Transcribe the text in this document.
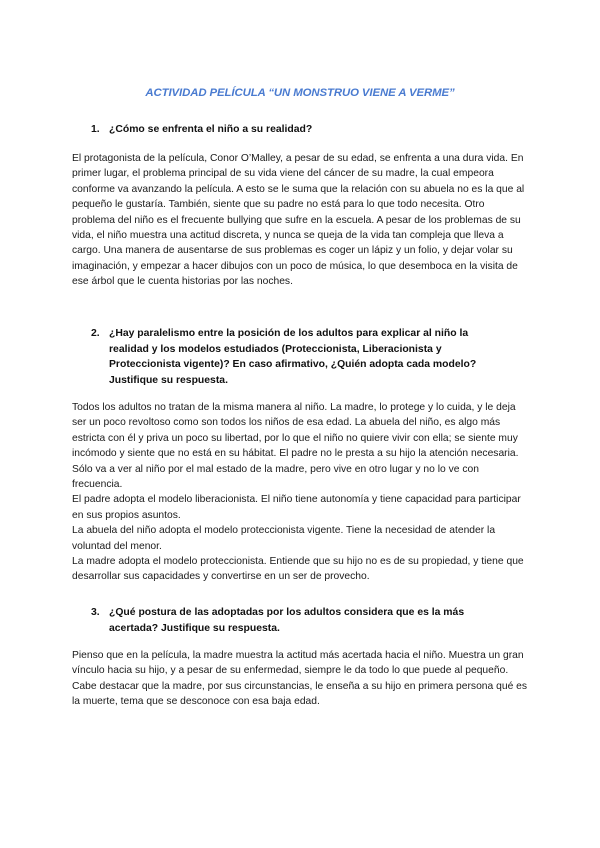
ACTIVIDAD PELÍCULA “UN MONSTRUO VIENE A VERME”
1. ¿Cómo se enfrenta el niño a su realidad?

El protagonista de la película, Conor O’Malley, a pesar de su edad, se enfrenta a una dura vida. En primer lugar, el problema principal de su vida viene del cáncer de su madre, la cual empeora conforme va avanzando la película. A esto se le suma que la relación con su abuela no es la que al pequeño le gustaría. También, siente que su padre no está para lo que todo necesita. Otro problema del niño es el frecuente bullying que sufre en la escuela. A pesar de los problemas de su vida, el niño muestra una actitud discreta, y nunca se queja de la vida tan compleja que lleva a cargo. Una manera de ausentarse de sus problemas es coger un lápiz y un folio, y dejar volar su imaginación, y empezar a hacer dibujos con un poco de música, lo que desemboca en la visita de ese árbol que le cuenta historias por las noches.

2. ¿Hay paralelismo entre la posición de los adultos para explicar al niño la realidad y los modelos estudiados (Proteccionista, Liberacionista y Proteccionista vigente)? En caso afirmativo, ¿Quién adopta cada modelo? Justifique su respuesta.

Todos los adultos no tratan de la misma manera al niño. La madre, lo protege y lo cuida, y le deja ser un poco revoltoso como son todos los niños de esa edad. La abuela del niño, es algo más estricta con él y priva un poco su libertad, por lo que el niño no quiere vivir con ella; se siente muy incómodo y siente que no está en su hábitat. El padre no le presta a su hijo la atención necesaria. Sólo va a ver al niño por el mal estado de la madre, pero vive en otro lugar y no lo ve con frecuencia.

El padre adopta el modelo liberacionista. El niño tiene autonomía y tiene capacidad para participar en sus propios asuntos.

La abuela del niño adopta el modelo proteccionista vigente. Tiene la necesidad de atender la voluntad del menor.

La madre adopta el modelo proteccionista. Entiende que su hijo no es de su propiedad, y tiene que desarrollar sus capacidades y convertirse en un ser de provecho.

3. ¿Qué postura de las adoptadas por los adultos considera que es la más acertada? Justifique su respuesta.

Pienso que en la película, la madre muestra la actitud más acertada hacia el niño. Muestra un gran vínculo hacia su hijo, y a pesar de su enfermedad, siempre le da todo lo que puede al pequeño. Cabe destacar que la madre, por sus circunstancias, le enseña a su hijo en primera persona qué es la muerte, tema que se desconoce con esa baja edad.
